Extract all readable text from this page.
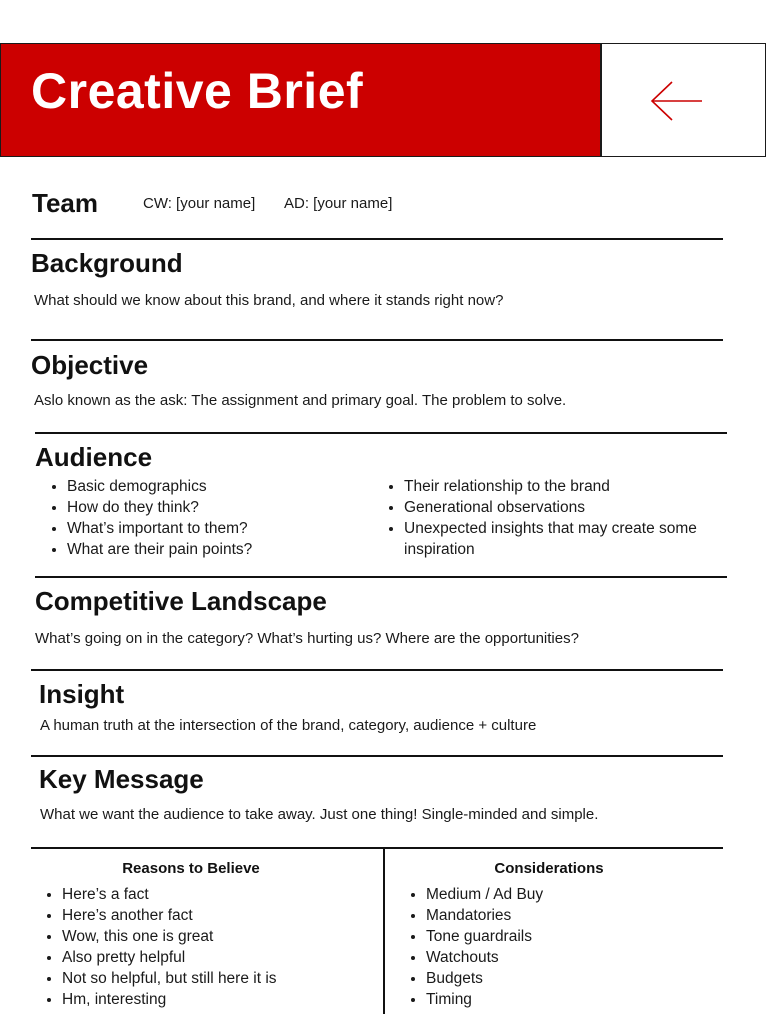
Creative Brief
Team	CW: [your name] AD: [your name]
Background
What should we know about this brand, and where it stands right now?
Objective
Aslo known as the ask: The assignment and primary goal. The problem to solve.
Audience
• Basic demographics
• How do they think?
• What’s important to them?
• What are their pain points?
• Their relationship to the brand
• Generational observations
• Unexpected insights that may create some inspiration
Competitive Landscape
What’s going on in the category? What’s hurting us? Where are the opportunities?
Insight
A human truth at the intersection of the brand, category, audience + culture
Key Message
What we want the audience to take away. Just one thing! Single-minded and simple.
Reasons to Believe	Considerations
• Here’s a fact
• Here’s another fact
• Wow, this one is great
• Also pretty helpful
• Not so helpful, but still here it is
• Hm, interesting
• Medium / Ad Buy
• Mandatories
• Tone guardrails
• Watchouts
• Budgets
• Timing
